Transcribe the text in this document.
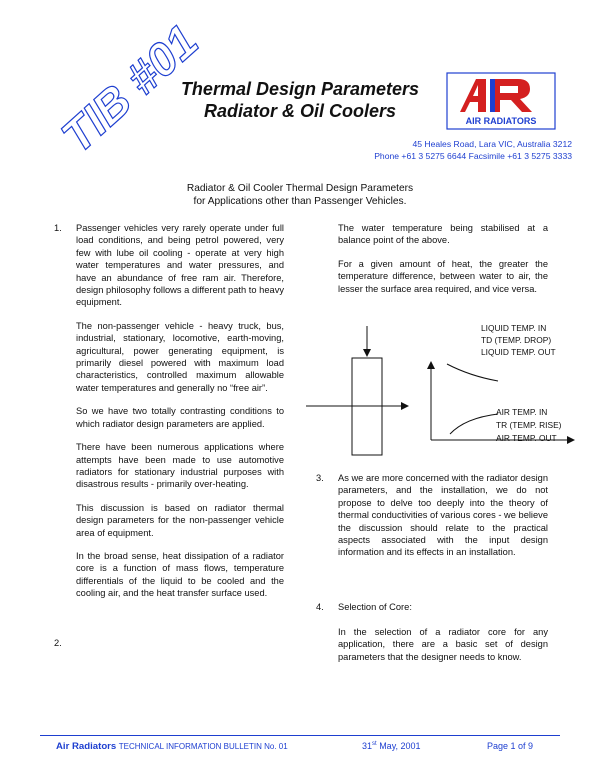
TIB #01
Thermal Design Parameters
Radiator & Oil Coolers	AIR RADIATORS
45 Heales Road, Lara VIC, Australia 3212
Phone +61 3 5275 6644 Facsimile +61 3 5275 3333
Radiator & Oil Cooler Thermal Design Parameters
for Applications other than Passenger Vehicles.
1. Passenger vehicles very rarely operate under full load conditions, and being petrol powered, very few with lube oil cooling - operate at very high water temperatures and water pressures, and have an abundance of free ram air. Therefore, design philosophy follows a different path to heavy equipment.

The non-passenger vehicle - heavy truck, bus, industrial, stationary, locomotive, earth-moving, agricultural, power generating equipment, is primarily diesel powered with maximum load characteristics, controlled maximum allowable water temperatures and generally no “free air”.

So we have two totally contrasting conditions to which radiator design parameters are applied.

There have been numerous applications where attempts have been made to use automotive radiators for stationary industrial purposes with disastrous results - primarily over-heating.

This discussion is based on radiator thermal design parameters for the non-passenger vehicle area of equipment.

In the broad sense, heat dissipation of a radiator core is a function of mass flows, temperature differentials of the liquid to be cooled and the cooling air, and the heat transfer surface used.

2.

The water temperature being stabilised at a balance point of the above.

For a given amount of heat, the greater the temperature difference, between water to air, the lesser the surface area required, and vice versa.

LIQUID TEMP. IN
TD (TEMP. DROP)
LIQUID TEMP. OUT
AIR TEMP. IN
TR (TEMP. RISE)
AIR TEMP. OUT
3. As we are more concerned with the radiator design parameters, and the installation, we do not propose to delve too deeply into the theory of thermal conductivities of various cores - we believe the discussion should relate to the practical aspects associated with the input design information and its effects in an installation.
4. Selection of Core:
In the selection of a radiator core for any application, there are a basic set of design parameters that the designer needs to know.
Air Radiators TECHNICAL INFORMATION BULLETIN No. 01	31st May, 2001	Page 1 of 9
